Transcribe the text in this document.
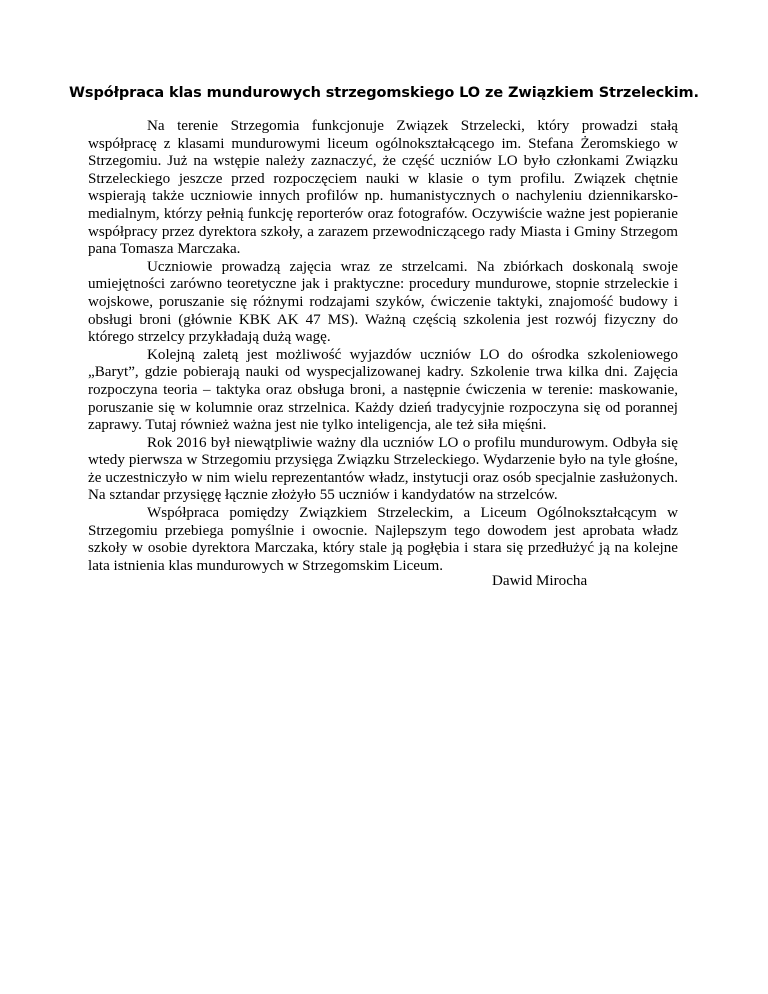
Współpraca klas mundurowych strzegomskiego LO ze Związkiem Strzeleckim.

Na terenie Strzegomia funkcjonuje Związek Strzelecki, który prowadzi stałą współpracę z klasami mundurowymi liceum ogólnokształcącego im. Stefana Żeromskiego w Strzegomiu. Już na wstępie należy zaznaczyć, że część uczniów LO było członkami Związku Strzeleckiego jeszcze przed rozpoczęciem nauki w klasie o tym profilu. Związek chętnie wspierają także uczniowie innych profilów np. humanistycznych o nachyleniu dziennikarsko-medialnym, którzy pełnią funkcję reporterów oraz fotografów. Oczywiście ważne jest popieranie współpracy przez dyrektora szkoły, a zarazem przewodniczącego rady Miasta i Gminy Strzegom pana Tomasza Marczaka.

Uczniowie prowadzą zajęcia wraz ze strzelcami. Na zbiórkach doskonalą swoje umiejętności zarówno teoretyczne jak i praktyczne: procedury mundurowe, stopnie strzeleckie i wojskowe, poruszanie się różnymi rodzajami szyków, ćwiczenie taktyki, znajomość budowy i obsługi broni (głównie KBK AK 47 MS). Ważną częścią szkolenia jest rozwój fizyczny do którego strzelcy przykładają dużą wagę.

Kolejną zaletą jest możliwość wyjazdów uczniów LO do ośrodka szkoleniowego „Baryt”, gdzie pobierają nauki od wyspecjalizowanej kadry. Szkolenie trwa kilka dni. Zajęcia rozpoczyna teoria – taktyka oraz obsługa broni, a następnie ćwiczenia w terenie: maskowanie, poruszanie się w kolumnie oraz strzelnica. Każdy dzień tradycyjnie rozpoczyna się od porannej zaprawy. Tutaj również ważna jest nie tylko inteligencja, ale też siła mięśni.

Rok 2016 był niewątpliwie ważny dla uczniów LO o profilu mundurowym. Odbyła się wtedy pierwsza w Strzegomiu przysięga Związku Strzeleckiego. Wydarzenie było na tyle głośne, że uczestniczyło w nim wielu reprezentantów władz, instytucji oraz osób specjalnie zasłużonych. Na sztandar przysięgę łącznie złożyło 55 uczniów i kandydatów na strzelców.

Współpraca pomiędzy Związkiem Strzeleckim, a Liceum Ogólnokształcącym w Strzegomiu przebiega pomyślnie i owocnie. Najlepszym tego dowodem jest aprobata władz szkoły w osobie dyrektora Marczaka, który stale ją pogłębia i stara się przedłużyć ją na kolejne lata istnienia klas mundurowych w Strzegomskim Liceum.

Dawid Mirocha
